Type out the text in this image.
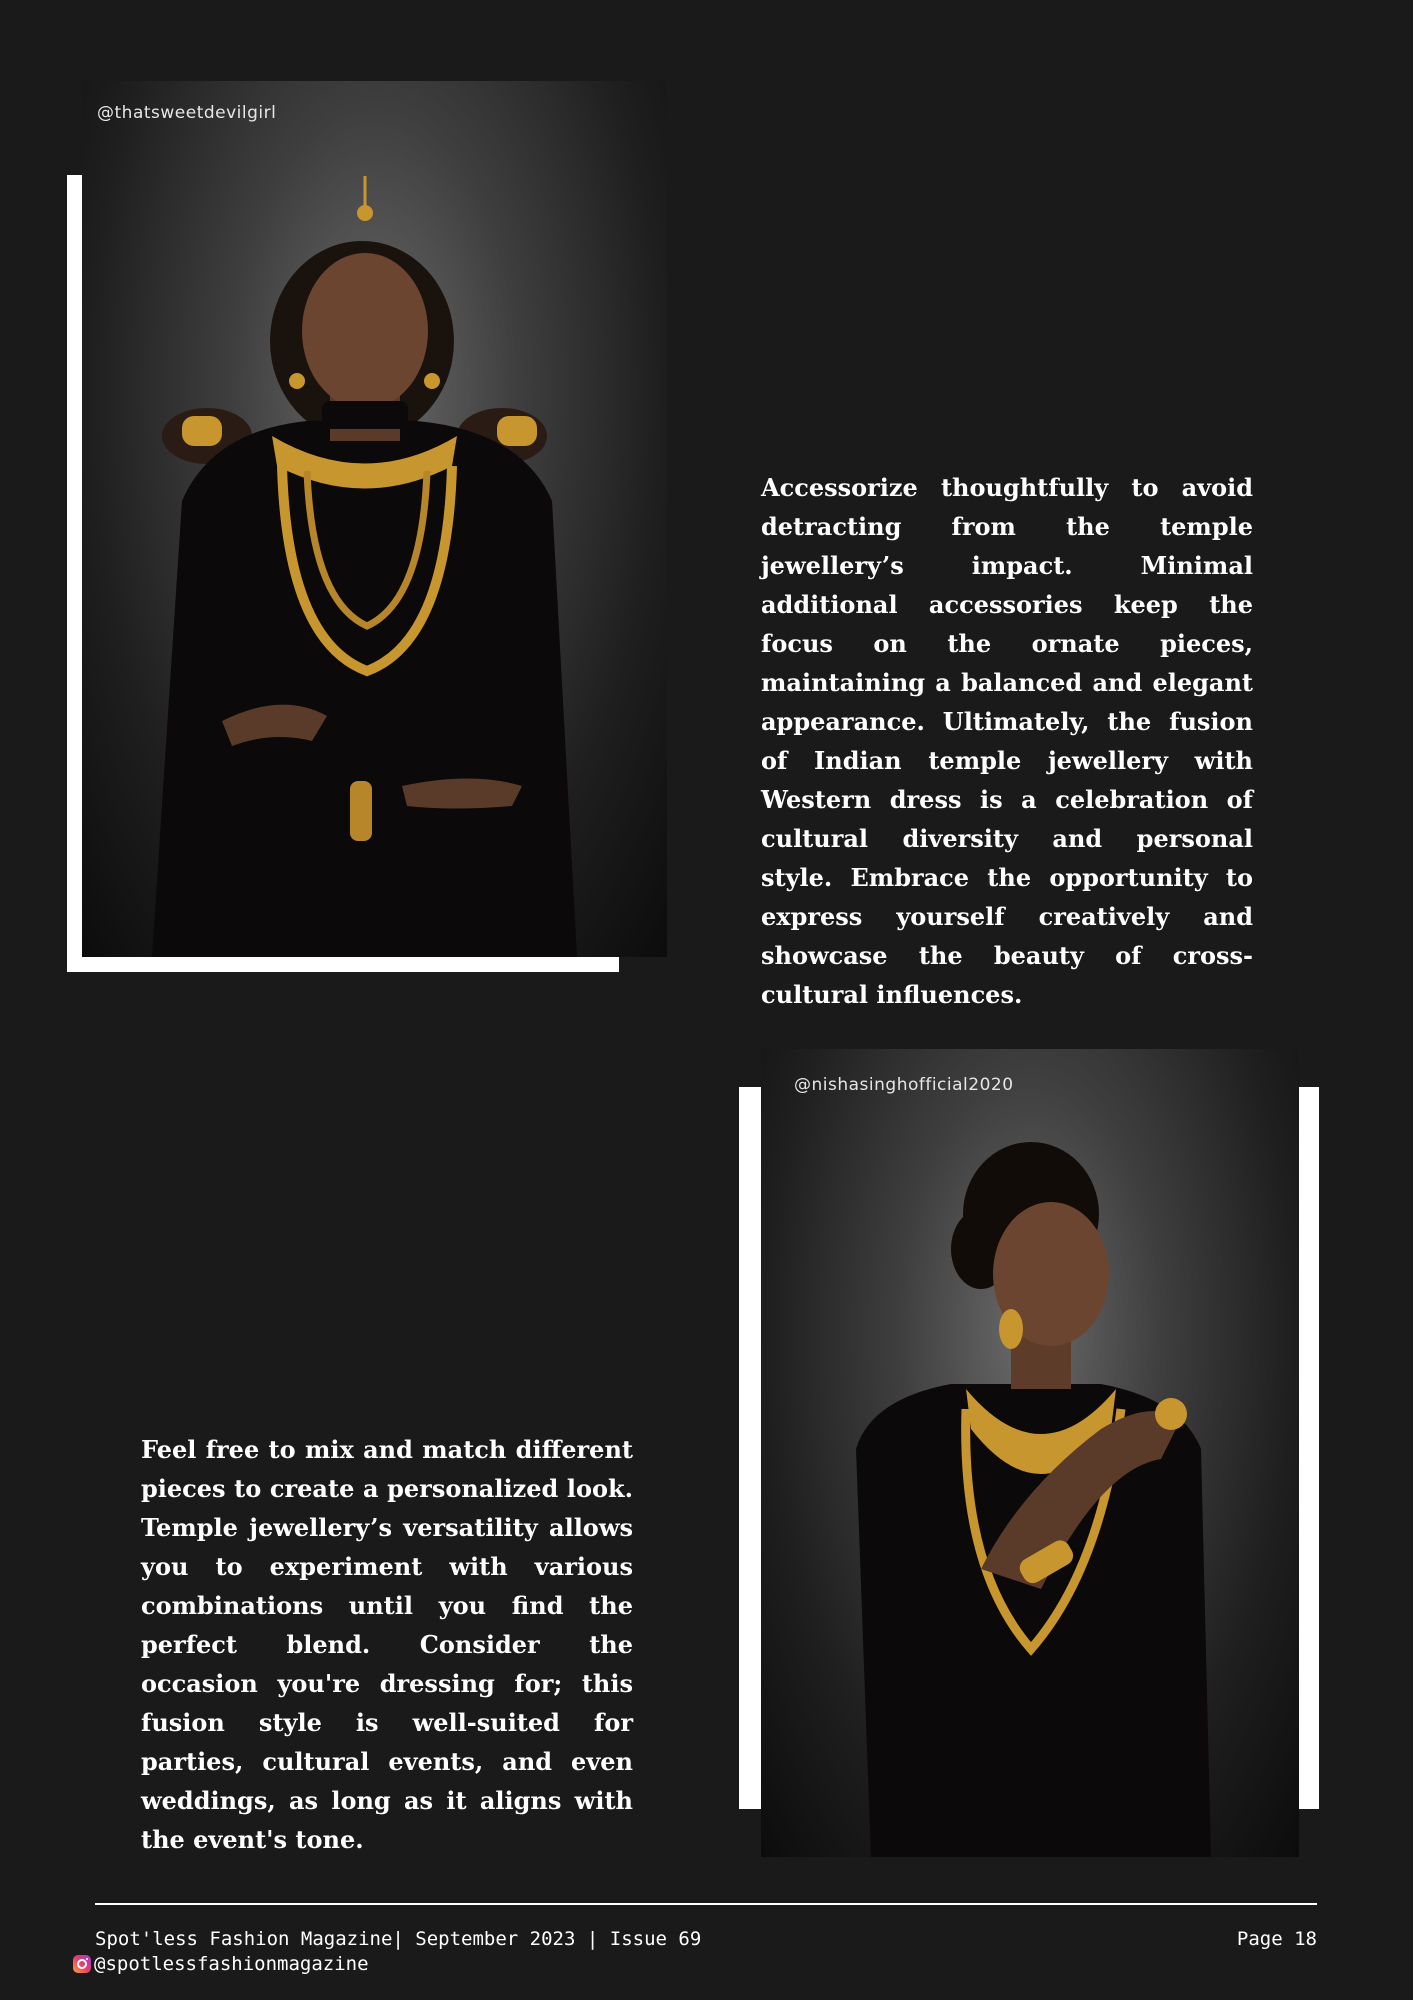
@thatsweetdevilgirl

Accessorize thoughtfully to avoid detracting from the temple jewellery’s impact. Minimal additional accessories keep the focus on the ornate pieces, maintaining a balanced and elegant appearance. Ultimately, the fusion of Indian temple jewellery with Western dress is a celebration of cultural diversity and personal style. Embrace the opportunity to express yourself creatively and showcase the beauty of cross-cultural influences.

@nishasinghofficial2020

Feel free to mix and match different pieces to create a personalized look. Temple jewellery’s versatility allows you to experiment with various combinations until you find the perfect blend. Consider the occasion you're dressing for; this fusion style is well-suited for parties, cultural events, and even weddings, as long as it aligns with the event's tone.

Spot'less Fashion Magazine| September 2023 | Issue 69	Page 18
@spotlessfashionmagazine
